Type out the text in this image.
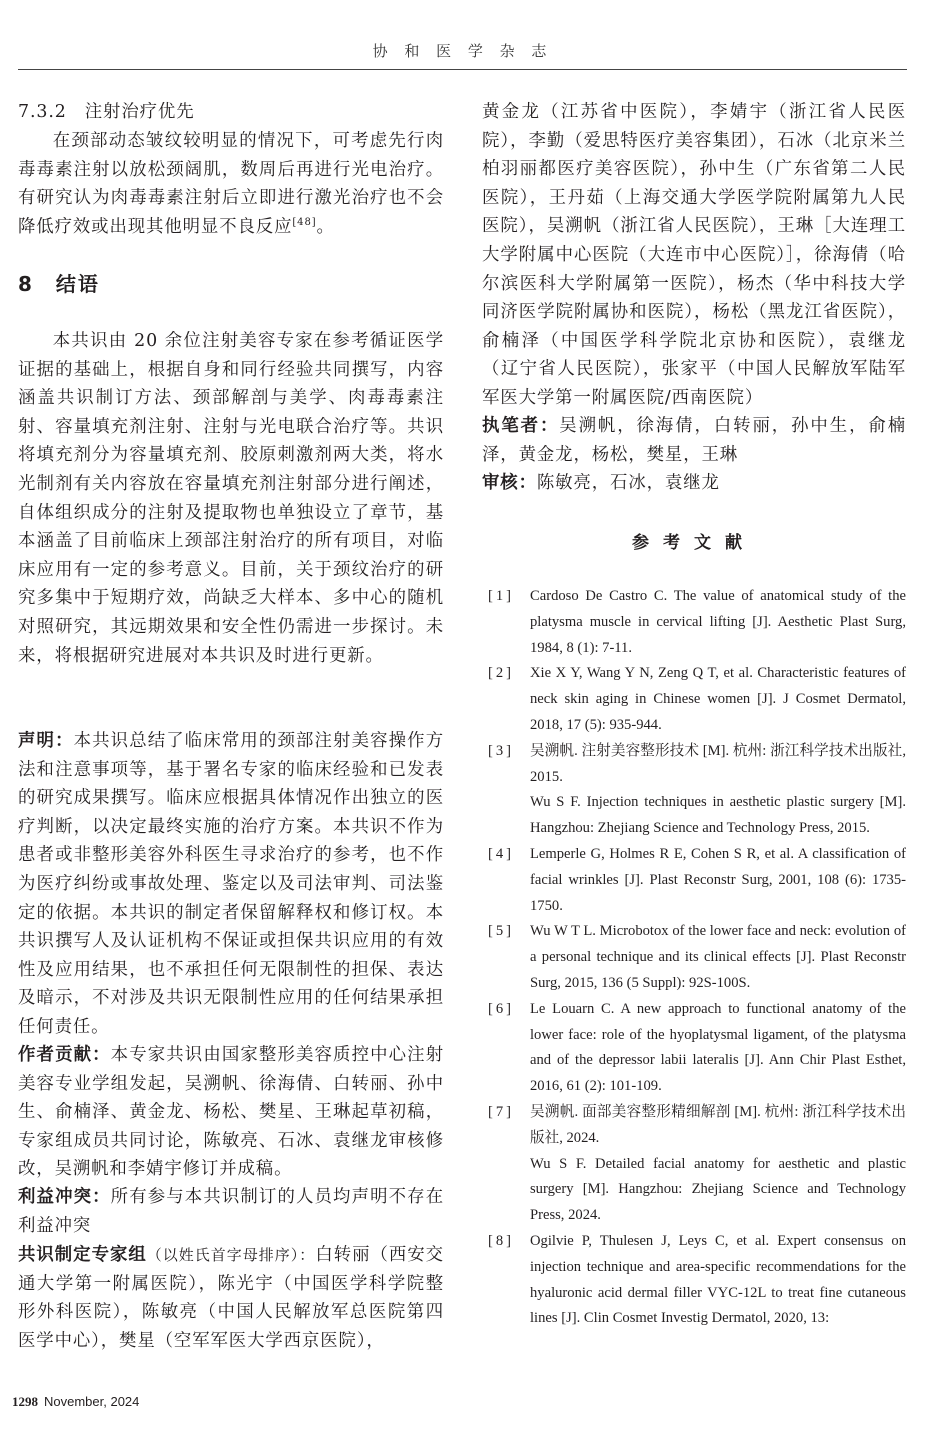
协 和 医 学 杂 志
7.3.2 注射治疗优先
在颈部动态皱纹较明显的情况下，可考虑先行肉毒毒素注射以放松颈阔肌，数周后再进行光电治疗。有研究认为肉毒毒素注射后立即进行激光治疗也不会降低疗效或出现其他明显不良反应[48]。
8 结语
本共识由 20 余位注射美容专家在参考循证医学证据的基础上，根据自身和同行经验共同撰写，内容涵盖共识制订方法、颈部解剖与美学、肉毒毒素注射、容量填充剂注射、注射与光电联合治疗等。共识将填充剂分为容量填充剂、胶原刺激剂两大类，将水光制剂有关内容放在容量填充剂注射部分进行阐述，自体组织成分的注射及提取物也单独设立了章节，基本涵盖了目前临床上颈部注射治疗的所有项目，对临床应用有一定的参考意义。目前，关于颈纹治疗的研究多集中于短期疗效，尚缺乏大样本、多中心的随机对照研究，其远期效果和安全性仍需进一步探讨。未来，将根据研究进展对本共识及时进行更新。
声明：本共识总结了临床常用的颈部注射美容操作方法和注意事项等，基于署名专家的临床经验和已发表的研究成果撰写。临床应根据具体情况作出独立的医疗判断，以决定最终实施的治疗方案。本共识不作为患者或非整形美容外科医生寻求治疗的参考，也不作为医疗纠纷或事故处理、鉴定以及司法审判、司法鉴定的依据。本共识的制定者保留解释权和修订权。本共识撰写人及认证机构不保证或担保共识应用的有效性及应用结果，也不承担任何无限制性的担保、表达及暗示，不对涉及共识无限制性应用的任何结果承担任何责任。
作者贡献：本专家共识由国家整形美容质控中心注射美容专业学组发起，吴溯帆、徐海倩、白转丽、孙中生、俞楠泽、黄金龙、杨松、樊星、王琳起草初稿，专家组成员共同讨论，陈敏亮、石冰、袁继龙审核修改，吴溯帆和李婧宇修订并成稿。
利益冲突：所有参与本共识制订的人员均声明不存在利益冲突
共识制定专家组（以姓氏首字母排序）：白转丽（西安交通大学第一附属医院），陈光宇（中国医学科学院整形外科医院），陈敏亮（中国人民解放军总医院第四医学中心），樊星（空军军医大学西京医院），
黄金龙（江苏省中医院），李婧宇（浙江省人民医院），李勤（爱思特医疗美容集团），石冰（北京米兰柏羽丽都医疗美容医院），孙中生（广东省第二人民医院），王丹茹（上海交通大学医学院附属第九人民医院），吴溯帆（浙江省人民医院），王琳［大连理工大学附属中心医院（大连市中心医院）］，徐海倩（哈尔滨医科大学附属第一医院），杨杰（华中科技大学同济医学院附属协和医院），杨松（黑龙江省医院），俞楠泽（中国医学科学院北京协和医院），袁继龙（辽宁省人民医院），张家平（中国人民解放军陆军军医大学第一附属医院/西南医院）
执笔者：吴溯帆，徐海倩，白转丽，孙中生，俞楠泽，黄金龙，杨松，樊星，王琳
审核：陈敏亮，石冰，袁继龙
参考文献
[1] Cardoso De Castro C. The value of anatomical study of the platysma muscle in cervical lifting [J]. Aesthetic Plast Surg, 1984, 8 (1): 7-11.

[2] Xie X Y, Wang Y N, Zeng Q T, et al. Characteristic features of neck skin aging in Chinese women [J]. J Cosmet Dermatol, 2018, 17 (5): 935-944.

[3] 吴溯帆. 注射美容整形技术 [M]. 杭州: 浙江科学技术出版社, 2015.

Wu S F. Injection techniques in aesthetic plastic surgery [M]. Hangzhou: Zhejiang Science and Technology Press, 2015.

[4] Lemperle G, Holmes R E, Cohen S R, et al. A classification of facial wrinkles [J]. Plast Reconstr Surg, 2001, 108 (6): 1735-1750.

[5] Wu W T L. Microbotox of the lower face and neck: evolution of a personal technique and its clinical effects [J]. Plast Reconstr Surg, 2015, 136 (5 Suppl): 92S-100S.

[6] Le Louarn C. A new approach to functional anatomy of the lower face: role of the hyoplatysmal ligament, of the platysma and of the depressor labii lateralis [J]. Ann Chir Plast Esthet, 2016, 61 (2): 101-109.

[7] 吴溯帆. 面部美容整形精细解剖 [M]. 杭州: 浙江科学技术出版社, 2024.

Wu S F. Detailed facial anatomy for aesthetic and plastic surgery [M]. Hangzhou: Zhejiang Science and Technology Press, 2024.

[8] Ogilvie P, Thulesen J, Leys C, et al. Expert consensus on injection technique and area-specific recommendations for the hyaluronic acid dermal filler VYC-12L to treat fine cutaneous lines [J]. Clin Cosmet Investig Dermatol, 2020, 13:

1298 November, 2024
